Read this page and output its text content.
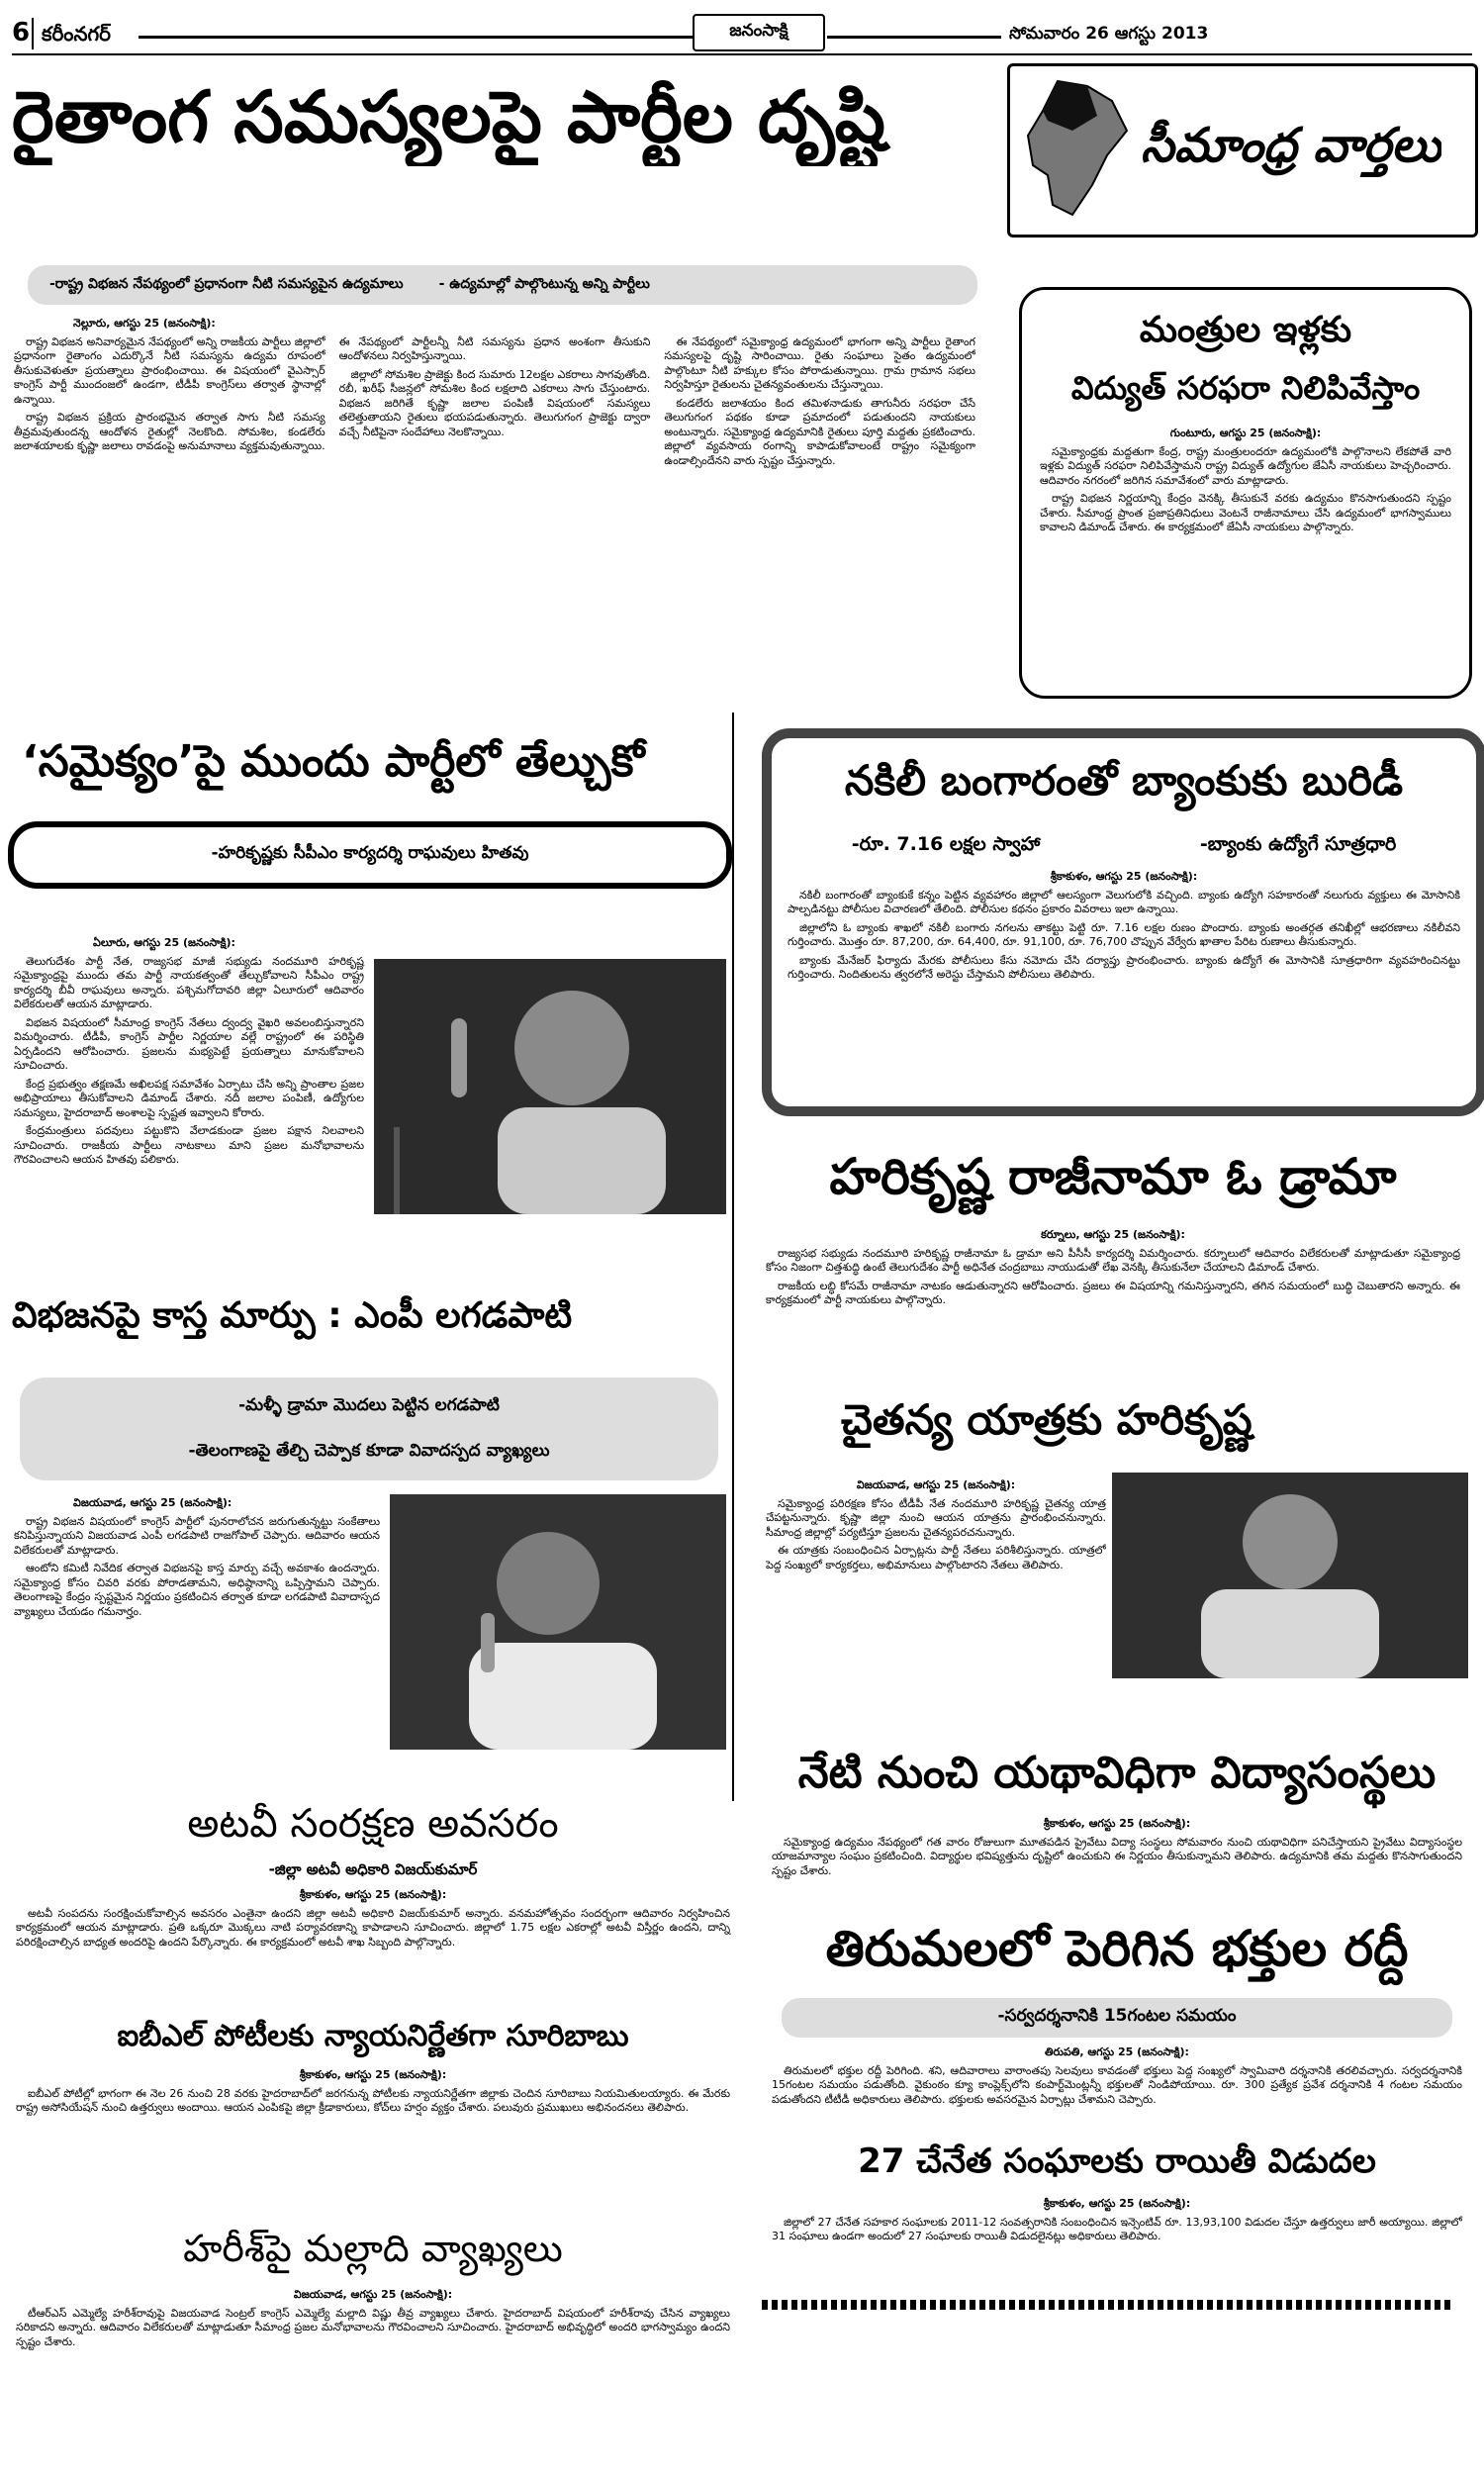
6 కరీంనగర్	జనంసాక్షి	సోమవారం 26 ఆగస్టు 2013
రైతాంగ సమస్యలపై పార్టీల దృష్టి
-రాష్ట్ర విభజన నేపథ్యంలో ప్రధానంగా నీటి సమస్యపైన ఉద్యమాలు	- ఉద్యమాల్లో పాల్గొంటున్న అన్ని పార్టీలు
నెల్లూరు, ఆగస్టు 25 (జనంసాక్షి):

రాష్ట్ర విభజన అనివార్యమైన నేపథ్యంలో అన్ని రాజకీయ పార్టీలు జిల్లాలో ప్రధానంగా రైతాంగం ఎదుర్కొనే నీటి సమస్యను ఉద్యమ రూపంలో తీసుకువెళుతూ ప్రయత్నాలు ప్రారంభించాయి. ఈ విషయంలో వైఎస్సార్ కాంగ్రెస్ పార్టీ ముందంజలో ఉండగా, టీడీపీ కాంగ్రెస్‌లు తర్వాత స్థానాల్లో ఉన్నాయి.

రాష్ట్ర విభజన ప్రక్రియ ప్రారంభమైన తర్వాత సాగు నీటి సమస్య తీవ్రమవుతుందన్న ఆందోళన రైతుల్లో నెలకొంది. సోమశిల, కండలేరు జలాశయాలకు కృష్ణా జలాలు రావడంపై అనుమానాలు వ్యక్తమవుతున్నాయి. ఈ నేపథ్యంలో పార్టీలన్నీ నీటి సమస్యను ప్రధాన అంశంగా తీసుకుని ఆందోళనలు నిర్వహిస్తున్నాయి.

జిల్లాలో సోమశిల ప్రాజెక్టు కింద సుమారు 12లక్షల ఎకరాలు సాగవుతోంది. రబీ, ఖరీఫ్ సీజన్లలో సోమశిల కింద లక్షలాది ఎకరాలు సాగు చేస్తుంటారు. విభజన జరిగితే కృష్ణా జలాల పంపిణీ విషయంలో సమస్యలు తలెత్తుతాయని రైతులు భయపడుతున్నారు. తెలుగుగంగ ప్రాజెక్టు ద్వారా వచ్చే నీటిపైనా సందేహాలు నెలకొన్నాయి.

ఈ నేపథ్యంలో సమైక్యాంధ్ర ఉద్యమంలో భాగంగా అన్ని పార్టీలు రైతాంగ సమస్యలపై దృష్టి సారించాయి. రైతు సంఘాలు సైతం ఉద్యమంలో పాల్గొంటూ నీటి హక్కుల కోసం పోరాడుతున్నాయి. గ్రామ గ్రామాన సభలు నిర్వహిస్తూ రైతులను చైతన్యవంతులను చేస్తున్నాయి.

కండలేరు జలాశయం కింద తమిళనాడుకు తాగునీరు సరఫరా చేసే తెలుగుగంగ పథకం కూడా ప్రమాదంలో పడుతుందని నాయకులు అంటున్నారు. సమైక్యాంధ్ర ఉద్యమానికి రైతులు పూర్తి మద్దతు ప్రకటించారు. జిల్లాలో వ్యవసాయ రంగాన్ని కాపాడుకోవాలంటే రాష్ట్రం సమైక్యంగా ఉండాల్సిందేనని వారు స్పష్టం చేస్తున్నారు.

సీమాంధ్ర వార్తలు
మంత్రుల ఇళ్లకు
విద్యుత్ సరఫరా నిలిపివేస్తాం
గుంటూరు, ఆగస్టు 25 (జనంసాక్షి):

సమైక్యాంధ్రకు మద్దతుగా కేంద్ర, రాష్ట్ర మంత్రులందరూ ఉద్యమంలోకి పాల్గొనాలని లేకపోతే వారి ఇళ్లకు విద్యుత్ సరఫరా నిలిపివేస్తామని రాష్ట్ర విద్యుత్ ఉద్యోగుల జేఏసీ నాయకులు హెచ్చరించారు. ఆదివారం నగరంలో జరిగిన సమావేశంలో వారు మాట్లాడారు.

రాష్ట్ర విభజన నిర్ణయాన్ని కేంద్రం వెనక్కి తీసుకునే వరకు ఉద్యమం కొనసాగుతుందని స్పష్టం చేశారు. సీమాంధ్ర ప్రాంత ప్రజాప్రతినిధులు వెంటనే రాజీనామాలు చేసి ఉద్యమంలో భాగస్వాములు కావాలని డిమాండ్ చేశారు. ఈ కార్యక్రమంలో జేఏసీ నాయకులు పాల్గొన్నారు.

‘సమైక్యం’పై ముందు పార్టీలో తేల్చుకో
-హరికృష్ణకు సీపీఎం కార్యదర్శి రాఘవులు హితవు
ఏలూరు, ఆగస్టు 25 (జనంసాక్షి):

తెలుగుదేశం పార్టీ నేత, రాజ్యసభ మాజీ సభ్యుడు నందమూరి హరికృష్ణ సమైక్యాంధ్రపై ముందు తమ పార్టీ నాయకత్వంతో తేల్చుకోవాలని సీపీఎం రాష్ట్ర కార్యదర్శి బీవీ రాఘవులు అన్నారు. పశ్చిమగోదావరి జిల్లా ఏలూరులో ఆదివారం విలేకరులతో ఆయన మాట్లాడారు.

విభజన విషయంలో సీమాంధ్ర కాంగ్రెస్ నేతలు ద్వంద్వ వైఖరి అవలంబిస్తున్నారని విమర్శించారు. టీడీపీ, కాంగ్రెస్ పార్టీల నిర్ణయాల వల్లే రాష్ట్రంలో ఈ పరిస్థితి ఏర్పడిందని ఆరోపించారు. ప్రజలను మభ్యపెట్టే ప్రయత్నాలు మానుకోవాలని సూచించారు.

కేంద్ర ప్రభుత్వం తక్షణమే అఖిలపక్ష సమావేశం ఏర్పాటు చేసి అన్ని ప్రాంతాల ప్రజల అభిప్రాయాలు తీసుకోవాలని డిమాండ్ చేశారు. నదీ జలాల పంపిణీ, ఉద్యోగుల సమస్యలు, హైదరాబాద్ అంశాలపై స్పష్టత ఇవ్వాలని కోరారు.

కేంద్రమంత్రులు పదవులు పట్టుకొని వేలాడకుండా ప్రజల పక్షాన నిలవాలని సూచించారు. రాజకీయ పార్టీలు నాటకాలు మాని ప్రజల మనోభావాలను గౌరవించాలని ఆయన హితవు పలికారు.

నకిలీ బంగారంతో బ్యాంకుకు బురిడీ
-రూ. 7.16 లక్షల స్వాహా	-బ్యాంకు ఉద్యోగే సూత్రధారి
శ్రీకాకుళం, ఆగస్టు 25 (జనంసాక్షి):

నకిలీ బంగారంతో బ్యాంకుకే కన్నం పెట్టిన వ్యవహారం జిల్లాలో ఆలస్యంగా వెలుగులోకి వచ్చింది. బ్యాంకు ఉద్యోగి సహకారంతో నలుగురు వ్యక్తులు ఈ మోసానికి పాల్పడినట్టు పోలీసుల విచారణలో తేలింది. పోలీసుల కథనం ప్రకారం వివరాలు ఇలా ఉన్నాయి.

జిల్లాలోని ఓ బ్యాంకు శాఖలో నకిలీ బంగారు నగలను తాకట్టు పెట్టి రూ. 7.16 లక్షల రుణం పొందారు. బ్యాంకు అంతర్గత తనిఖీల్లో ఆభరణాలు నకిలీవని గుర్తించారు. మొత్తం రూ. 87,200, రూ. 64,400, రూ. 91,100, రూ. 76,700 చొప్పున వేర్వేరు ఖాతాల పేరిట రుణాలు తీసుకున్నారు.

బ్యాంకు మేనేజర్ ఫిర్యాదు మేరకు పోలీసులు కేసు నమోదు చేసి దర్యాప్తు ప్రారంభించారు. బ్యాంకు ఉద్యోగే ఈ మోసానికి సూత్రధారిగా వ్యవహరించినట్టు గుర్తించారు. నిందితులను త్వరలోనే అరెస్టు చేస్తామని పోలీసులు తెలిపారు.

హరికృష్ణ రాజీనామా ఓ డ్రామా
కర్నూలు, ఆగస్టు 25 (జనంసాక్షి):

రాజ్యసభ సభ్యుడు నందమూరి హరికృష్ణ రాజీనామా ఓ డ్రామా అని పీసీసీ కార్యదర్శి విమర్శించారు. కర్నూలులో ఆదివారం విలేకరులతో మాట్లాడుతూ సమైక్యాంధ్ర కోసం నిజంగా చిత్తశుద్ధి ఉంటే తెలుగుదేశం పార్టీ అధినేత చంద్రబాబు నాయుడుతో లేఖ వెనక్కి తీసుకునేలా చేయాలని డిమాండ్ చేశారు.

రాజకీయ లబ్ధి కోసమే రాజీనామా నాటకం ఆడుతున్నారని ఆరోపించారు. ప్రజలు ఈ విషయాన్ని గమనిస్తున్నారని, తగిన సమయంలో బుద్ధి చెబుతారని అన్నారు. ఈ కార్యక్రమంలో పార్టీ నాయకులు పాల్గొన్నారు.

విభజనపై కాస్త మార్పు : ఎంపీ లగడపాటి
-మళ్ళీ డ్రామా మొదలు పెట్టిన లగడపాటి
-తెలంగాణపై తేల్చి చెప్పాక కూడా వివాదస్పద వ్యాఖ్యలు
విజయవాడ, ఆగస్టు 25 (జనంసాక్షి):

రాష్ట్ర విభజన విషయంలో కాంగ్రెస్ పార్టీలో పునరాలోచన జరుగుతున్నట్టు సంకేతాలు కనిపిస్తున్నాయని విజయవాడ ఎంపీ లగడపాటి రాజగోపాల్ చెప్పారు. ఆదివారం ఆయన విలేకరులతో మాట్లాడారు.

ఆంటోని కమిటీ నివేదిక తర్వాత విభజనపై కాస్త మార్పు వచ్చే అవకాశం ఉందన్నారు. సమైక్యాంధ్ర కోసం చివరి వరకు పోరాడతామని, అధిష్ఠానాన్ని ఒప్పిస్తామని చెప్పారు. తెలంగాణపై కేంద్రం స్పష్టమైన నిర్ణయం ప్రకటించిన తర్వాత కూడా లగడపాటి వివాదాస్పద వ్యాఖ్యలు చేయడం గమనార్హం.

చైతన్య యాత్రకు హరికృష్ణ
విజయవాడ, ఆగస్టు 25 (జనంసాక్షి):

సమైక్యాంధ్ర పరిరక్షణ కోసం టీడీపీ నేత నందమూరి హరికృష్ణ చైతన్య యాత్ర చేపట్టనున్నారు. కృష్ణా జిల్లా నుంచి ఆయన యాత్రను ప్రారంభించనున్నారు. సీమాంధ్ర జిల్లాల్లో పర్యటిస్తూ ప్రజలను చైతన్యపరచనున్నారు.

ఈ యాత్రకు సంబంధించిన ఏర్పాట్లను పార్టీ నేతలు పరిశీలిస్తున్నారు. యాత్రలో పెద్ద సంఖ్యలో కార్యకర్తలు, అభిమానులు పాల్గొంటారని నేతలు తెలిపారు.

నేటి నుంచి యథావిధిగా విద్యాసంస్థలు
శ్రీకాకుళం, ఆగస్టు 25 (జనంసాక్షి):

సమైక్యాంధ్ర ఉద్యమం నేపథ్యంలో గత వారం రోజులుగా మూతపడిన ప్రైవేటు విద్యా సంస్థలు సోమవారం నుంచి యథావిధిగా పనిచేస్తాయని ప్రైవేటు విద్యాసంస్థల యాజమాన్యాల సంఘం ప్రకటించింది. విద్యార్థుల భవిష్యత్తును దృష్టిలో ఉంచుకుని ఈ నిర్ణయం తీసుకున్నామని తెలిపారు. ఉద్యమానికి తమ మద్దతు కొనసాగుతుందని స్పష్టం చేశారు.

అటవీ సంరక్షణ అవసరం
-జిల్లా అటవీ అధికారి విజయ్‌కుమార్
శ్రీకాకుళం, ఆగస్టు 25 (జనంసాక్షి):

అటవీ సంపదను సంరక్షించుకోవాల్సిన అవసరం ఎంతైనా ఉందని జిల్లా అటవీ అధికారి విజయ్‌కుమార్ అన్నారు. వనమహోత్సవం సందర్భంగా ఆదివారం నిర్వహించిన కార్యక్రమంలో ఆయన మాట్లాడారు. ప్రతి ఒక్కరూ మొక్కలు నాటి పర్యావరణాన్ని కాపాడాలని సూచించారు. జిల్లాలో 1.75 లక్షల ఎకరాల్లో అటవీ విస్తీర్ణం ఉందని, దాన్ని పరిరక్షించాల్సిన బాధ్యత అందరిపై ఉందని పేర్కొన్నారు. ఈ కార్యక్రమంలో అటవీ శాఖ సిబ్బంది పాల్గొన్నారు.	తిరుమలలో పెరిగిన భక్తుల రద్దీ
-సర్వదర్శనానికి 15గంటల సమయం
తిరుపతి, ఆగస్టు 25 (జనంసాక్షి):

తిరుమలలో భక్తుల రద్దీ పెరిగింది. శని, ఆదివారాలు వారాంతపు సెలవులు కావడంతో భక్తులు పెద్ద సంఖ్యలో స్వామివారి దర్శనానికి తరలివచ్చారు. సర్వదర్శనానికి 15గంటల సమయం పడుతోంది. వైకుంఠం క్యూ కాంప్లెక్స్‌లోని కంపార్ట్‌మెంట్లన్నీ భక్తులతో నిండిపోయాయి. రూ. 300 ప్రత్యేక ప్రవేశ దర్శనానికి 4 గంటల సమయం పడుతోందని టీటీడీ అధికారులు తెలిపారు. భక్తులకు అవసరమైన ఏర్పాట్లు చేశామని చెప్పారు.

ఐబీఎల్ పోటీలకు న్యాయనిర్ణేతగా సూరిబాబు
శ్రీకాకుళం, ఆగస్టు 25 (జనంసాక్షి):

ఐబీఎల్ పోటీల్లో భాగంగా ఈ నెల 26 నుంచి 28 వరకు హైదరాబాద్‌లో జరగనున్న పోటీలకు న్యాయనిర్ణేతగా జిల్లాకు చెందిన సూరిబాబు నియమితులయ్యారు. ఈ మేరకు రాష్ట్ర అసోసియేషన్ నుంచి ఉత్తర్వులు అందాయి. ఆయన ఎంపికపై జిల్లా క్రీడాకారులు, కోచ్‌లు హర్షం వ్యక్తం చేశారు. పలువురు ప్రముఖులు అభినందనలు తెలిపారు.

27 చేనేత సంఘాలకు రాయితీ విడుదల
శ్రీకాకుళం, ఆగస్టు 25 (జనంసాక్షి):

జిల్లాలో 27 చేనేత సహకార సంఘాలకు 2011-12 సంవత్సరానికి సంబంధించిన ఇన్సెంటివ్ రూ. 13,93,100 విడుదల చేస్తూ ఉత్తర్వులు జారీ అయ్యాయి. జిల్లాలో 31 సంఘాలు ఉండగా అందులో 27 సంఘాలకు రాయితీ విడుదలైనట్లు అధికారులు తెలిపారు.

హరీశ్‌పై మల్లాది వ్యాఖ్యలు
విజయవాడ, ఆగస్టు 25 (జనంసాక్షి):

టీఆర్‌ఎస్ ఎమ్మెల్యే హరీశ్‌రావుపై విజయవాడ సెంట్రల్ కాంగ్రెస్ ఎమ్మెల్యే మల్లాది విష్ణు తీవ్ర వ్యాఖ్యలు చేశారు. హైదరాబాద్ విషయంలో హరీశ్‌రావు చేసిన వ్యాఖ్యలు సరికాదని అన్నారు. ఆదివారం విలేకరులతో మాట్లాడుతూ సీమాంధ్ర ప్రజల మనోభావాలను గౌరవించాలని సూచించారు. హైదరాబాద్ అభివృద్ధిలో అందరి భాగస్వామ్యం ఉందని స్పష్టం చేశారు.
